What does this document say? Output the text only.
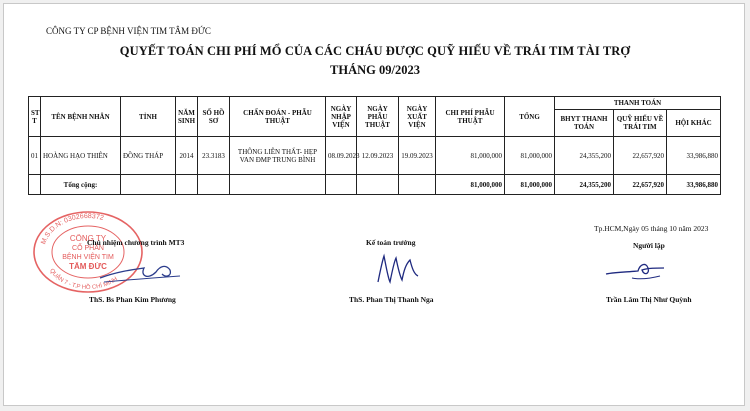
CÔNG TY CP BỆNH VIỆN TIM TÂM ĐỨC
QUYẾT TOÁN CHI PHÍ MỔ CỦA CÁC CHÁU ĐƯỢC QUỸ HIẾU VỀ TRÁI TIM TÀI TRỢ
THÁNG 09/2023
ST T	TÊN BỆNH NHÂN	TỈNH	NĂM SINH	SỐ HỒ SƠ	CHẨN ĐOÁN - PHẪU THUẬT	NGÀY NHẬP VIỆN	NGÀY PHẪU THUẬT	NGÀY XUẤT VIỆN	CHI PHÍ PHẪU THUẬT	TỔNG	THANH TOÁN		
											BHYT THANH TOÁN	QUỸ HIẾU VỀ TRÁI TIM	HỘI KHÁC
01	HOÀNG HẠO THIÊN	ĐỒNG THÁP	2014	23.3183	THÔNG LIÊN THẤT- HẸP VAN ĐMP TRUNG BÌNH	08.09.2023	12.09.2023	19.09.2023	81,000,000	81,000,000	24,355,200	22,657,920	33,986,880
	Tổng cộng:								81,000,000	81,000,000	24,355,200	22,657,920	33,986,880
M.S.D.N: 0302668372
QUẬN 7 - T.P HỒ CHÍ MINH
CÔNG TY
CỔ PHẦN
BỆNH VIỆN TIM
TÂM ĐỨC
Tp.HCM,Ngày 05 tháng 10 năm 2023
Chủ nhiệm chương trình MT3	Kế toán trưởng	Người lập
ThS. Bs Phan Kim Phương	ThS. Phan Thị Thanh Nga	Trần Lâm Thị Như Quỳnh
